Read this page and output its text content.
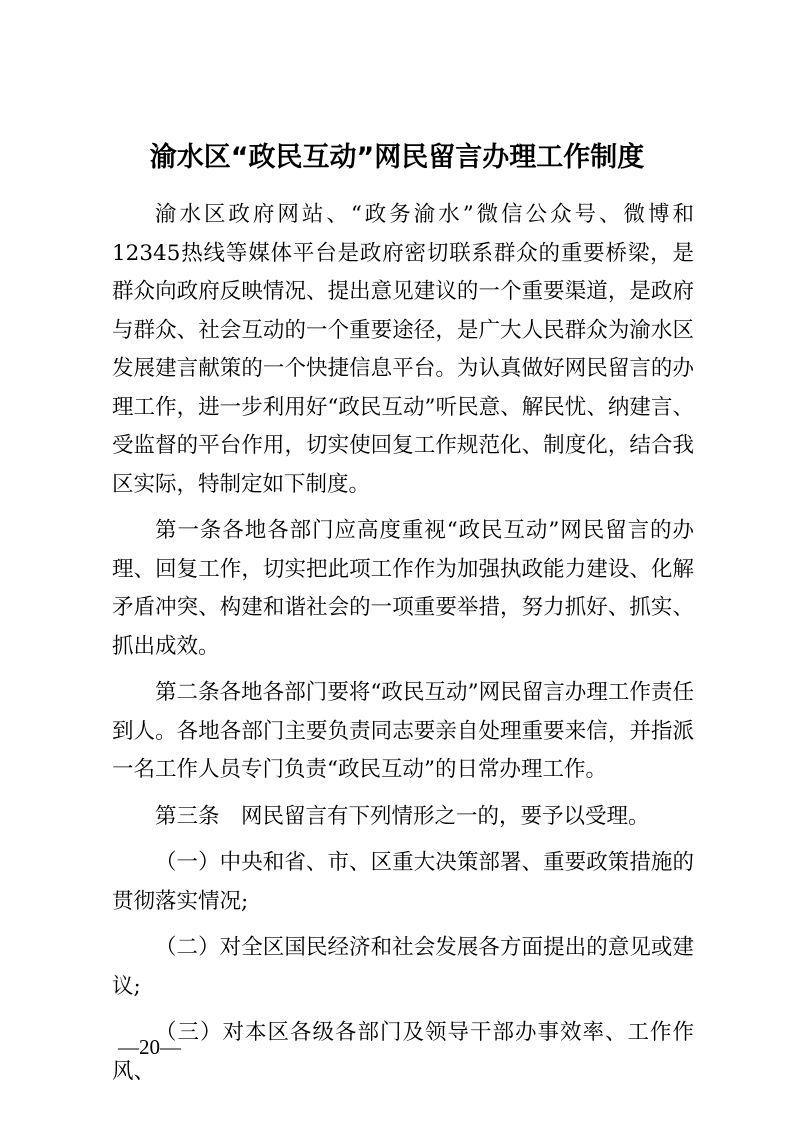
渝水区“政民互动”网民留言办理工作制度

渝水区政府网站、“政务渝水”微信公众号、微博和12345热线等媒体平台是政府密切联系群众的重要桥梁，是群众向政府反映情况、提出意见建议的一个重要渠道，是政府与群众、社会互动的一个重要途径，是广大人民群众为渝水区发展建言献策的一个快捷信息平台。为认真做好网民留言的办理工作，进一步利用好“政民互动”听民意、解民忧、纳建言、受监督的平台作用，切实使回复工作规范化、制度化，结合我区实际，特制定如下制度。

第一条各地各部门应高度重视“政民互动”网民留言的办理、回复工作，切实把此项工作作为加强执政能力建设、化解矛盾冲突、构建和谐社会的一项重要举措，努力抓好、抓实、抓出成效。

第二条各地各部门要将“政民互动”网民留言办理工作责任到人。各地各部门主要负责同志要亲自处理重要来信，并指派一名工作人员专门负责“政民互动”的日常办理工作。

第三条　网民留言有下列情形之一的，要予以受理。

（一）中央和省、市、区重大决策部署、重要政策措施的贯彻落实情况;

（二）对全区国民经济和社会发展各方面提出的意见或建议;

（三）对本区各级各部门及领导干部办事效率、工作作风、

—20—
